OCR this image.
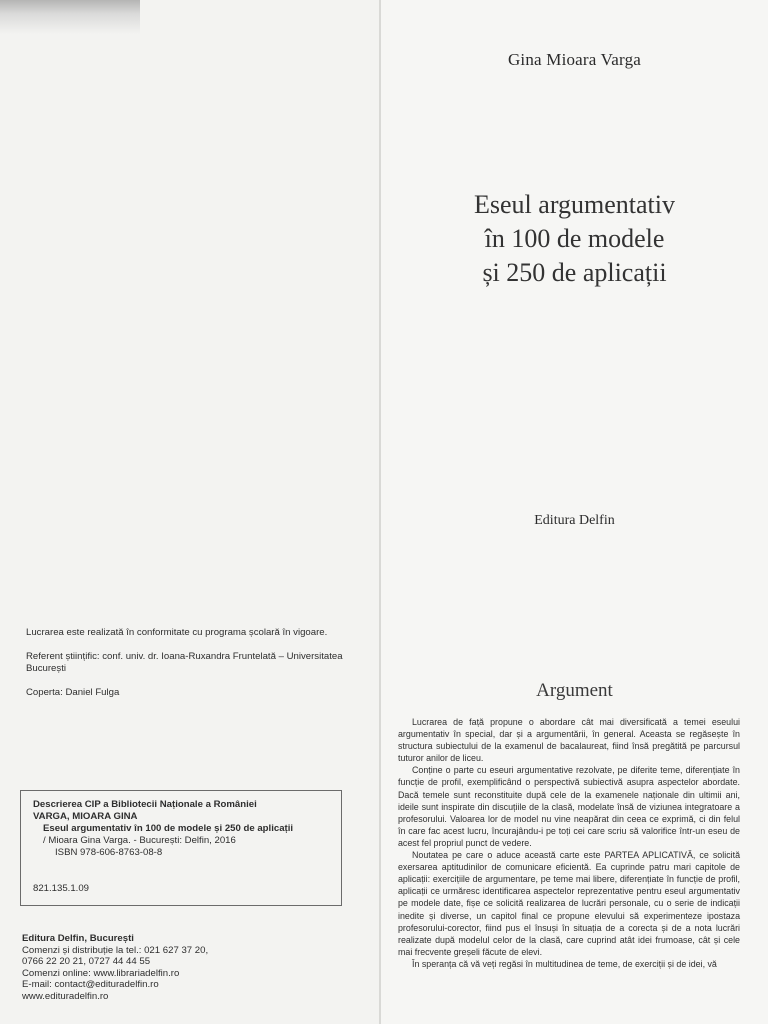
Gina Mioara Varga
Eseul argumentativ
în 100 de modele
și 250 de aplicații
Editura Delfin

Lucrarea este realizată în conformitate cu programa școlară în vigoare.

Referent științific: conf. univ. dr. Ioana-Ruxandra Fruntelată – Universitatea București

Coperta: Daniel Fulga

Descrierea CIP a Bibliotecii Naționale a României
VARGA, MIOARA GINA
Eseul argumentativ în 100 de modele și 250 de aplicații
/ Mioara Gina Varga. - București: Delfin, 2016
ISBN 978-606-8763-08-8
821.135.1.09
Editura Delfin, București
Comenzi și distribuție la tel.: 021 627 37 20,
0766 22 20 21, 0727 44 44 55
Comenzi online: www.librariadelfin.ro
E-mail: contact@edituradelfin.ro
www.edituradelfin.ro
Argument

Lucrarea de față propune o abordare cât mai diversificată a temei eseului argumentativ în special, dar și a argumentării, în general. Aceasta se regăsește în structura subiectului de la examenul de bacalaureat, fiind însă pregătită pe parcursul tuturor anilor de liceu.

Conține o parte cu eseuri argumentative rezolvate, pe diferite teme, diferențiate în funcție de profil, exemplificând o perspectivă subiectivă asupra aspectelor abordate. Dacă temele sunt reconstituite după cele de la examenele naționale din ultimii ani, ideile sunt inspirate din discuțiile de la clasă, modelate însă de viziunea integratoare a profesorului. Valoarea lor de model nu vine neapărat din ceea ce exprimă, ci din felul în care fac acest lucru, încurajându-i pe toți cei care scriu să valorifice într-un eseu de acest fel propriul punct de vedere.

Noutatea pe care o aduce această carte este PARTEA APLICATIVĂ, ce solicită exersarea aptitudinilor de comunicare eficientă. Ea cuprinde patru mari capitole de aplicații: exercițiile de argumentare, pe teme mai libere, diferențiate în funcție de profil, aplicații ce urmăresc identificarea aspectelor reprezentative pentru eseul argumentativ pe modele date, fișe ce solicită realizarea de lucrări personale, cu o serie de indicații inedite și diverse, un capitol final ce propune elevului să experimenteze ipostaza profesorului-corector, fiind pus el însuși în situația de a corecta și de a nota lucrări realizate după modelul celor de la clasă, care cuprind atât idei frumoase, cât și cele mai frecvente greșeli făcute de elevi.

În speranța că vă veți regăsi în multitudinea de teme, de exerciții și de idei, vă
